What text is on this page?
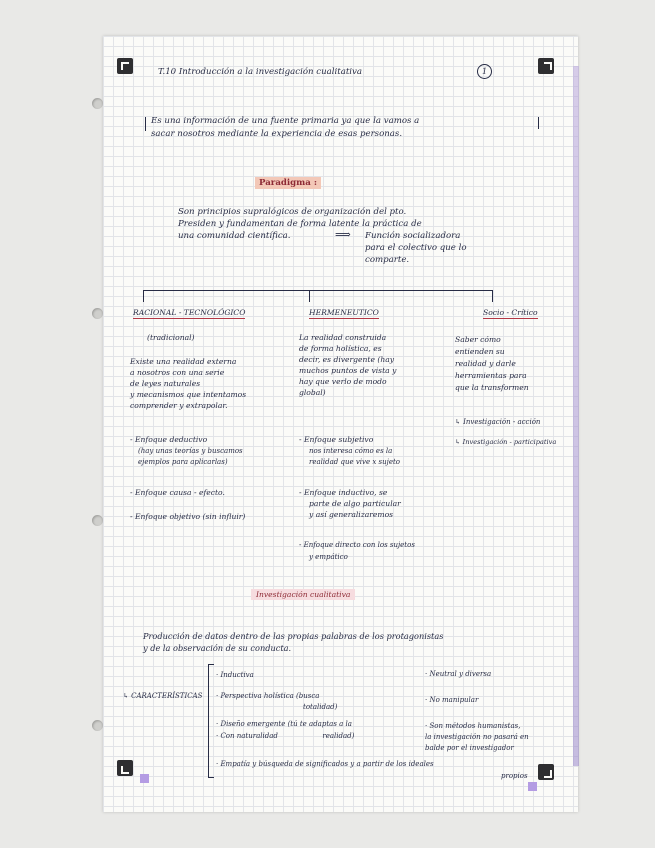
T.10 Introducción a la investigación cualitativa	1
Es una información de una fuente primaria ya que la vamos a
sacar nosotros mediante la experiencia de esas personas.
Paradigma :
Son principios supralógicos de organización del pto.
Presiden y fundamentan de forma latente la práctica de
una comunidad científica.	⟹ Función socializadora
para el colectivo que lo
comparte.
RACIONAL - TECNOLÓGICO
(tradicional)
Existe una realidad externa
a nosotros con una serie
de leyes naturales
y mecanismos que intentamos
comprender y extrapolar.
- Enfoque deductivo
(hay unas teorías y buscamos
ejemplos para aplicarlas)
- Enfoque causa - efecto.
- Enfoque objetivo (sin influir)
HERMENEUTICO
La realidad construida
de forma holística, es
decir, es divergente (hay
muchos puntos de vista y
hay que verlo de modo
global)
- Enfoque subjetivo
nos interesa cómo es la
realidad que vive x sujeto
- Enfoque inductivo, se
parte de algo particular
y así generalizaremos
- Enfoque directo con los sujetos
y empático
Socio - Crítico
Saber cómo
entienden su
realidad y darle
herramientas para
que la transformen
↳ Investigación - acción
↳ Investigación - participativa
Investigación cualitativa
Producción de datos dentro de las propias palabras de los protagonistas
y de la observación de su conducta.
↳ CARACTERÍSTICAS
· Inductiva
· Perspectiva holística (busca
totalidad)
· Diseño emergente (tú te adaptas a la
· Con naturalidad                    realidad)
· Empatía y búsqueda de significados y a partir de los ideales
· Neutral y diversa
· No manipular
· Son métodos humanistas,
la investigación no pasará en
balde por el investigador
propios
